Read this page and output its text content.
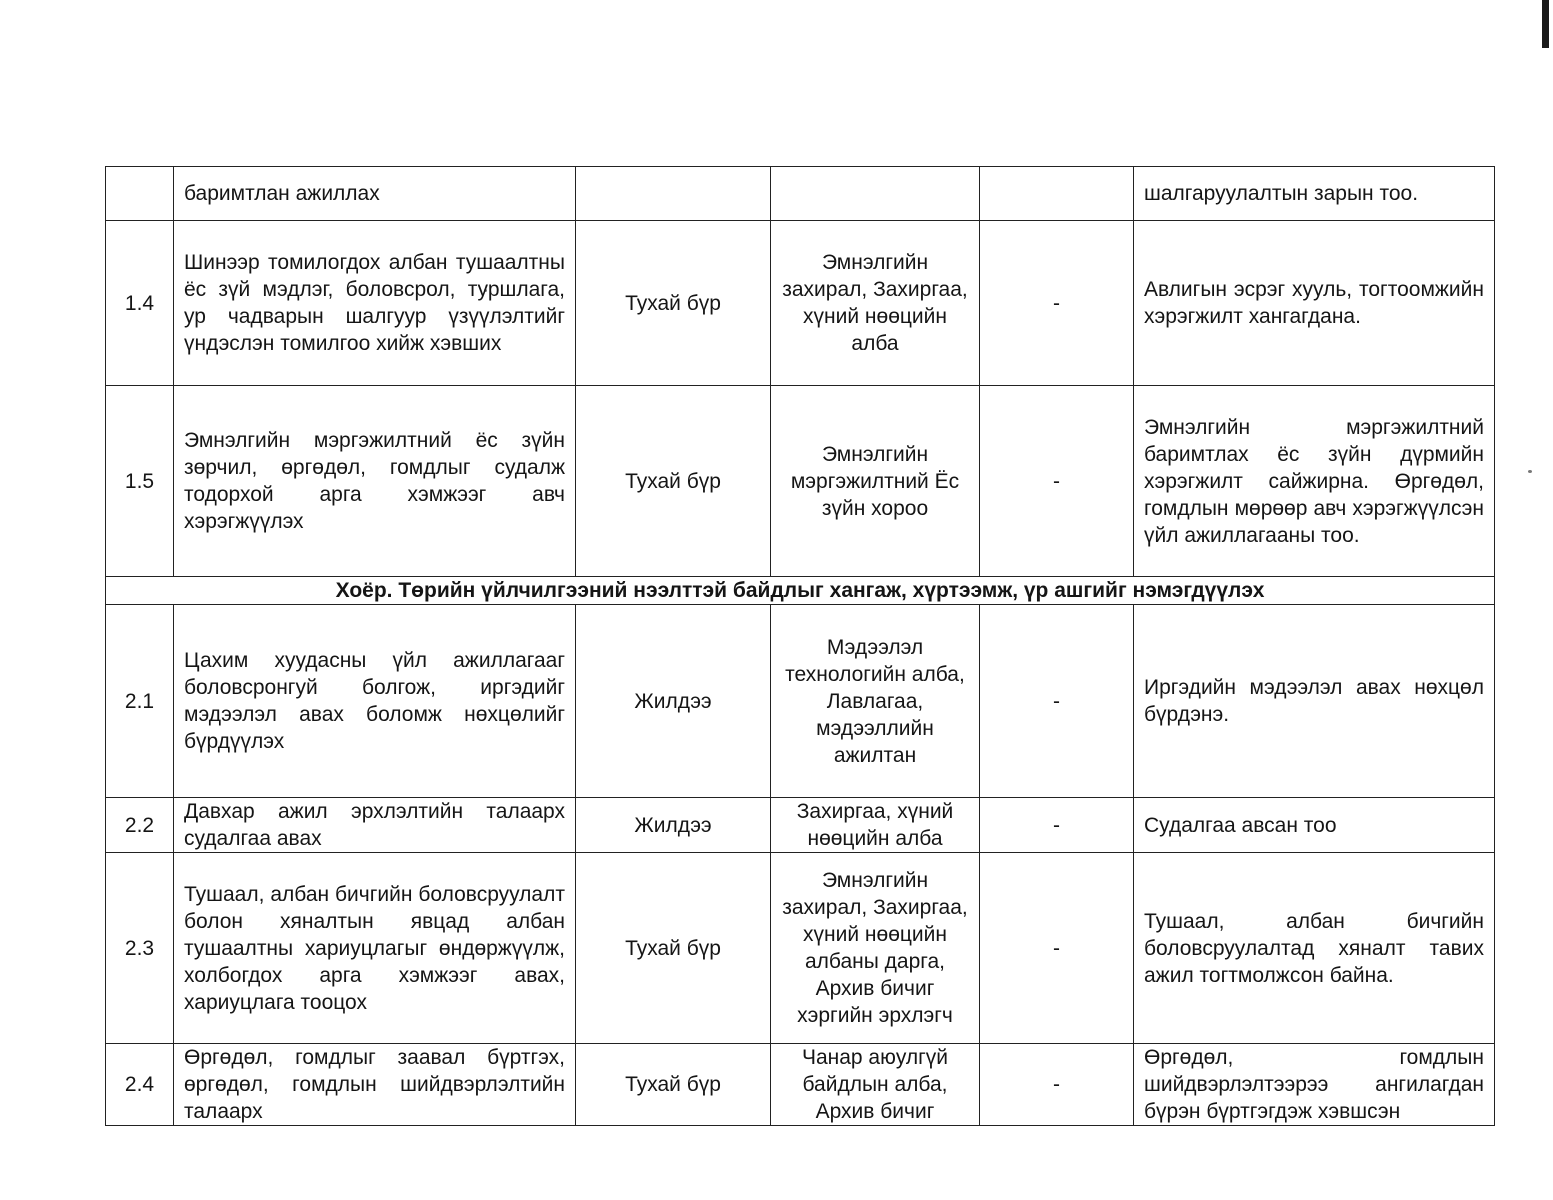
	баримтлан ажиллах				шалгаруулалтын зарын тоо.
1.4	Шинээр томилогдох албан тушаалтны ёс зүй мэдлэг, боловсрол, туршлага, ур чадварын шалгуур үзүүлэлтийг үндэслэн томилгоо хийж хэвших	Тухай бүр	Эмнэлгийн захирал, Захиргаа, хүний нөөцийн алба	-	Авлигын эсрэг хууль, тогтоомжийн хэрэгжилт хангагдана.
1.5	Эмнэлгийн мэргэжилтний ёс зүйн зөрчил, өргөдөл, гомдлыг судалж тодорхой арга хэмжээг авч хэрэгжүүлэх	Тухай бүр	Эмнэлгийн мэргэжилтний Ёс зүйн хороо	-	Эмнэлгийн мэргэжилтний баримтлах ёс зүйн дүрмийн хэрэгжилт сайжирна. Өргөдөл, гомдлын мөрөөр авч хэрэгжүүлсэн үйл ажиллагааны тоо.
Хоёр. Төрийн үйлчилгээний нээлттэй байдлыг хангаж, хүртээмж, үр ашгийг нэмэгдүүлэх					
2.1	Цахим хуудасны үйл ажиллагааг боловсронгуй болгож, иргэдийг мэдээлэл авах боломж нөхцөлийг бүрдүүлэх	Жилдээ	Мэдээлэл технологийн алба, Лавлагаа, мэдээллийн ажилтан	-	Иргэдийн мэдээлэл авах нөхцөл бүрдэнэ.
2.2	Давхар ажил эрхлэлтийн талаарх судалгаа авах	Жилдээ	Захиргаа, хүний нөөцийн алба	-	Судалгаа авсан тоо
2.3	Тушаал, албан бичгийн боловсруулалт болон хяналтын явцад албан тушаалтны хариуцлагыг өндөржүүлж, холбогдох арга хэмжээг авах, хариуцлага тооцох	Тухай бүр	Эмнэлгийн захирал, Захиргаа, хүний нөөцийн албаны дарга, Архив бичиг хэргийн эрхлэгч	-	Тушаал, албан бичгийн боловсруулалтад хяналт тавих ажил тогтмолжсон байна.
2.4	Өргөдөл, гомдлыг заавал бүртгэх, өргөдөл, гомдлын шийдвэрлэлтийн талаарх	Тухай бүр	Чанар аюулгүй байдлын алба, Архив бичиг	-	Өргөдөл, гомдлын шийдвэрлэлтээрээ ангилагдан бүрэн бүртгэгдэж хэвшсэн
